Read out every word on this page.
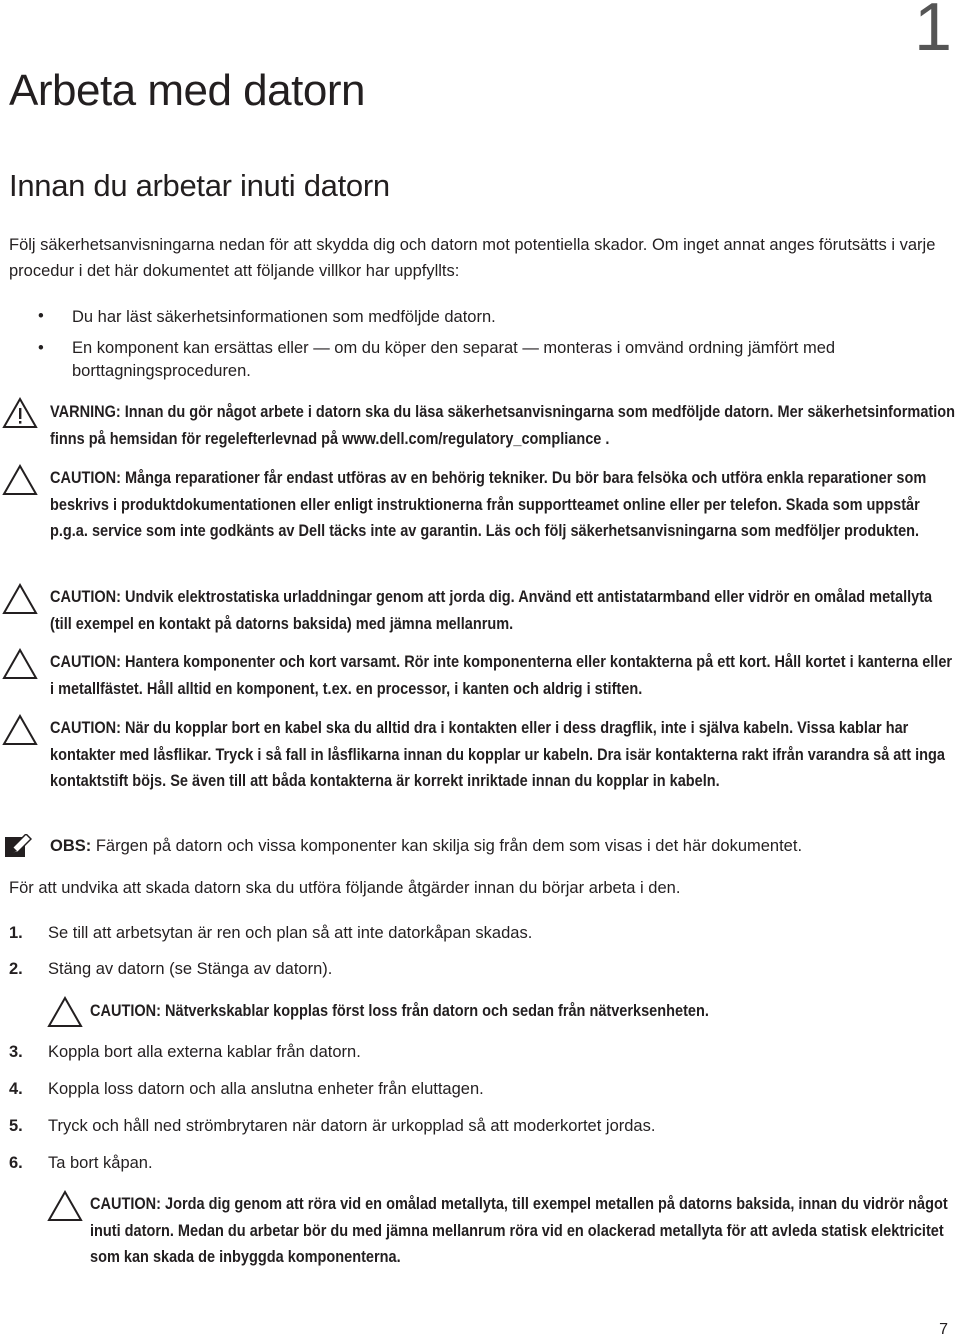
1
Arbeta med datorn
Innan du arbetar inuti datorn
Följ säkerhetsanvisningarna nedan för att skydda dig och datorn mot potentiella skador. Om inget annat anges förutsätts i varje procedur i det här dokumentet att följande villkor har uppfyllts:
• Du har läst säkerhetsinformationen som medföljde datorn.
• En komponent kan ersättas eller — om du köper den separat — monteras i omvänd ordning jämfört med borttagningsproceduren.
VARNING: Innan du gör något arbete i datorn ska du läsa säkerhetsanvisningarna som medföljde datorn. Mer säkerhetsinformation finns på hemsidan för regelefterlevnad på www.dell.com/regulatory_compliance .
CAUTION: Många reparationer får endast utföras av en behörig tekniker. Du bör bara felsöka och utföra enkla reparationer som beskrivs i produktdokumentationen eller enligt instruktionerna från supportteamet online eller per telefon. Skada som uppstår p.g.a. service som inte godkänts av Dell täcks inte av garantin. Läs och följ säkerhetsanvisningarna som medföljer produkten.
CAUTION: Undvik elektrostatiska urladdningar genom att jorda dig. Använd ett antistatarmband eller vidrör en omålad metallyta (till exempel en kontakt på datorns baksida) med jämna mellanrum.
CAUTION: Hantera komponenter och kort varsamt. Rör inte komponenterna eller kontakterna på ett kort. Håll kortet i kanterna eller i metallfästet. Håll alltid en komponent, t.ex. en processor, i kanten och aldrig i stiften.
CAUTION: När du kopplar bort en kabel ska du alltid dra i kontakten eller i dess dragflik, inte i själva kabeln. Vissa kablar har kontakter med låsflikar. Tryck i så fall in låsflikarna innan du kopplar ur kabeln. Dra isär kontakterna rakt ifrån varandra så att inga kontaktstift böjs. Se även till att båda kontakterna är korrekt inriktade innan du kopplar in kabeln.
OBS: Färgen på datorn och vissa komponenter kan skilja sig från dem som visas i det här dokumentet.
För att undvika att skada datorn ska du utföra följande åtgärder innan du börjar arbeta i den.
1. Se till att arbetsytan är ren och plan så att inte datorkåpan skadas.
2. Stäng av datorn (se Stänga av datorn).
CAUTION: Nätverkskablar kopplas först loss från datorn och sedan från nätverksenheten.
3. Koppla bort alla externa kablar från datorn.
4. Koppla loss datorn och alla anslutna enheter från eluttagen.
5. Tryck och håll ned strömbrytaren när datorn är urkopplad så att moderkortet jordas.
6. Ta bort kåpan.
CAUTION: Jorda dig genom att röra vid en omålad metallyta, till exempel metallen på datorns baksida, innan du vidrör något inuti datorn. Medan du arbetar bör du med jämna mellanrum röra vid en olackerad metallyta för att avleda statisk elektricitet som kan skada de inbyggda komponenterna.
7
